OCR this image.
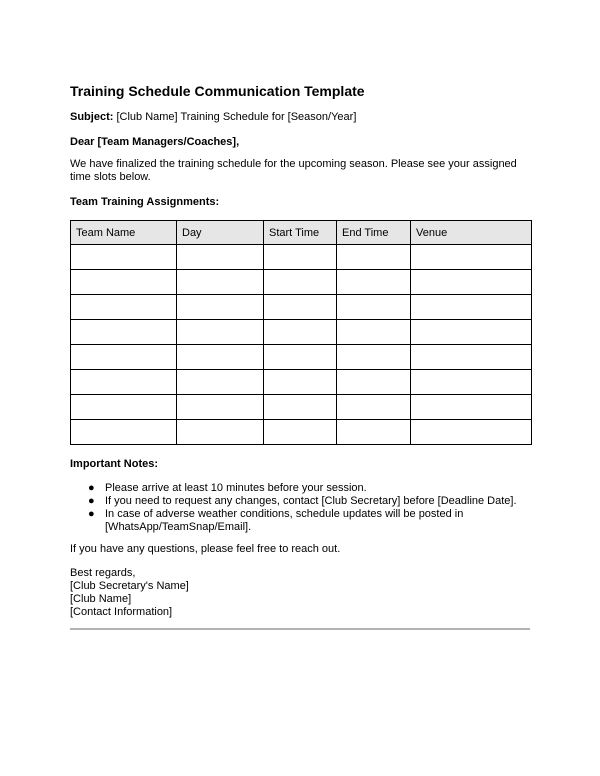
Training Schedule Communication Template
Subject: [Club Name] Training Schedule for [Season/Year]
Dear [Team Managers/Coaches],
We have finalized the training schedule for the upcoming season. Please see your assigned time slots below.
Team Training Assignments:
Team Name	Day	Start Time	End Time	Venue

Important Notes:
● Please arrive at least 10 minutes before your session.
● If you need to request any changes, contact [Club Secretary] before [Deadline Date].
● In case of adverse weather conditions, schedule updates will be posted in [WhatsApp/TeamSnap/Email].
If you have any questions, please feel free to reach out.
Best regards,
[Club Secretary's Name]
[Club Name]
[Contact Information]
